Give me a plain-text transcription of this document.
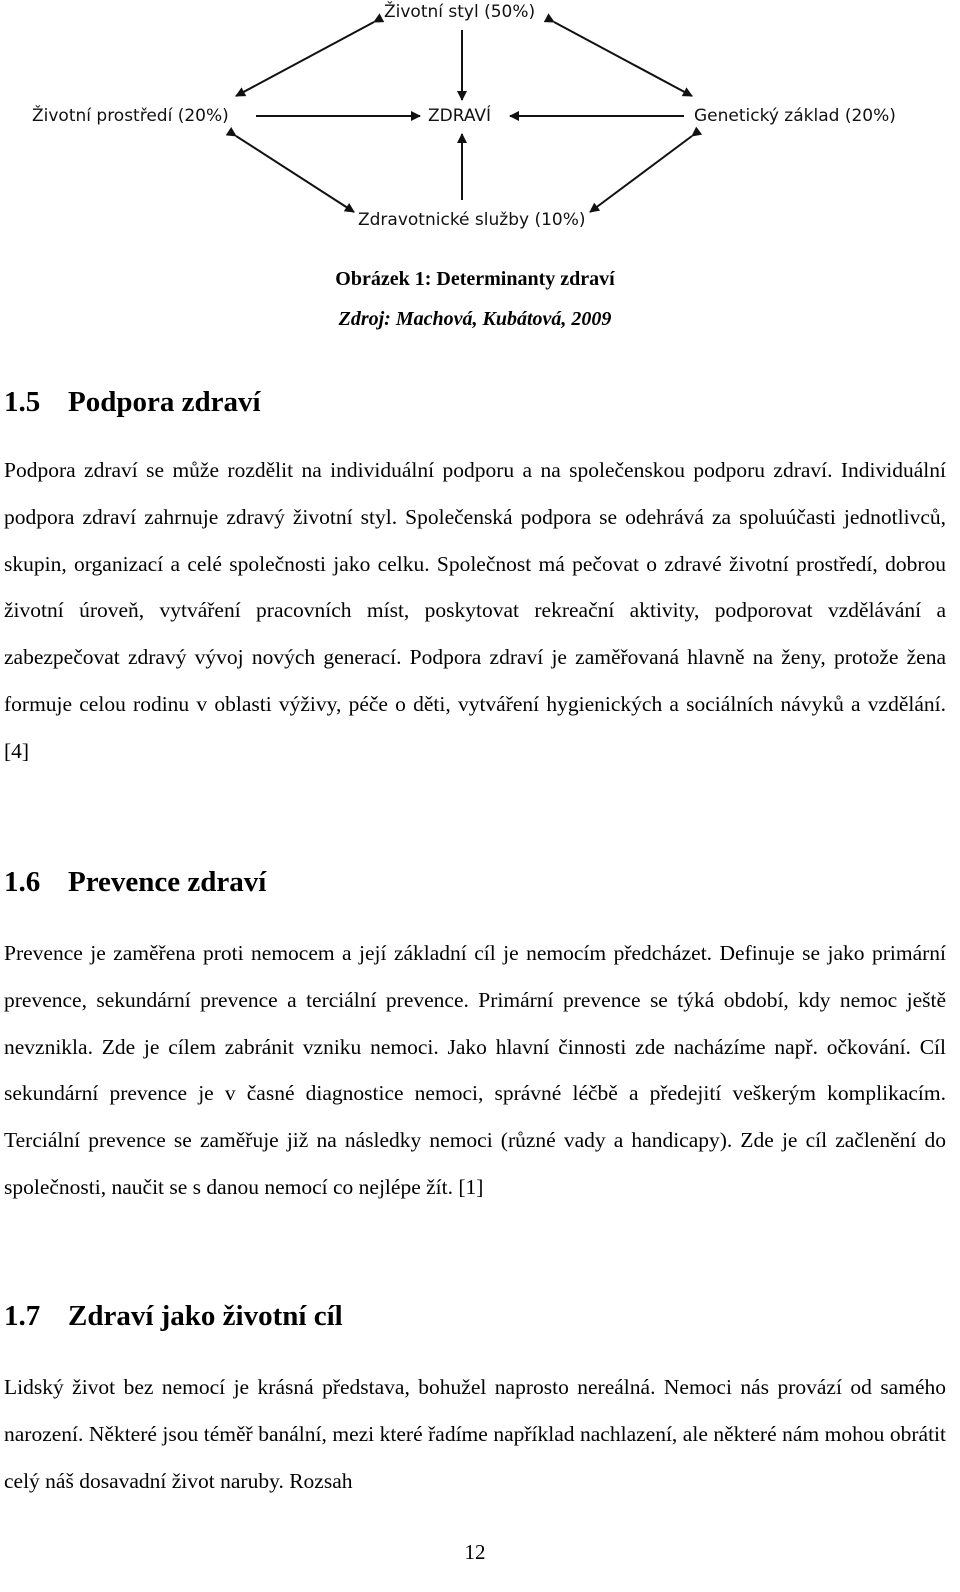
Životní styl (50%)
Životní prostředí (20%)	ZDRAVÍ	Genetický základ (20%)
Zdravotnické služby (10%)
Obrázek 1: Determinanty zdraví
Zdroj: Machová, Kubátová, 2009
1.5 Podpora zdraví

Podpora zdraví se může rozdělit na individuální podporu a na společenskou podporu zdraví. Individuální podpora zdraví zahrnuje zdravý životní styl. Společenská podpora se odehrává za spoluúčasti jednotlivců, skupin, organizací a celé společnosti jako celku. Společnost má pečovat o zdravé životní prostředí, dobrou životní úroveň, vytváření pracovních míst, poskytovat rekreační aktivity, podporovat vzdělávání a zabezpečovat zdravý vývoj nových generací. Podpora zdraví je zaměřovaná hlavně na ženy, protože žena formuje celou rodinu v oblasti výživy, péče o děti, vytváření hygienických a sociálních návyků a vzdělání. [4]

1.6 Prevence zdraví

Prevence je zaměřena proti nemocem a její základní cíl je nemocím předcházet. Definuje se jako primární prevence, sekundární prevence a terciální prevence. Primární prevence se týká období, kdy nemoc ještě nevznikla. Zde je cílem zabránit vzniku nemoci. Jako hlavní činnosti zde nacházíme např. očkování. Cíl sekundární prevence je v časné diagnostice nemoci, správné léčbě a předejití veškerým komplikacím. Terciální prevence se zaměřuje již na následky nemoci (různé vady a handicapy). Zde je cíl začlenění do společnosti, naučit se s danou nemocí co nejlépe žít. [1]

1.7 Zdraví jako životní cíl

Lidský život bez nemocí je krásná představa, bohužel naprosto nereálná. Nemoci nás provází od samého narození. Některé jsou téměř banální, mezi které řadíme například nachlazení, ale některé nám mohou obrátit celý náš dosavadní život naruby. Rozsah

12
